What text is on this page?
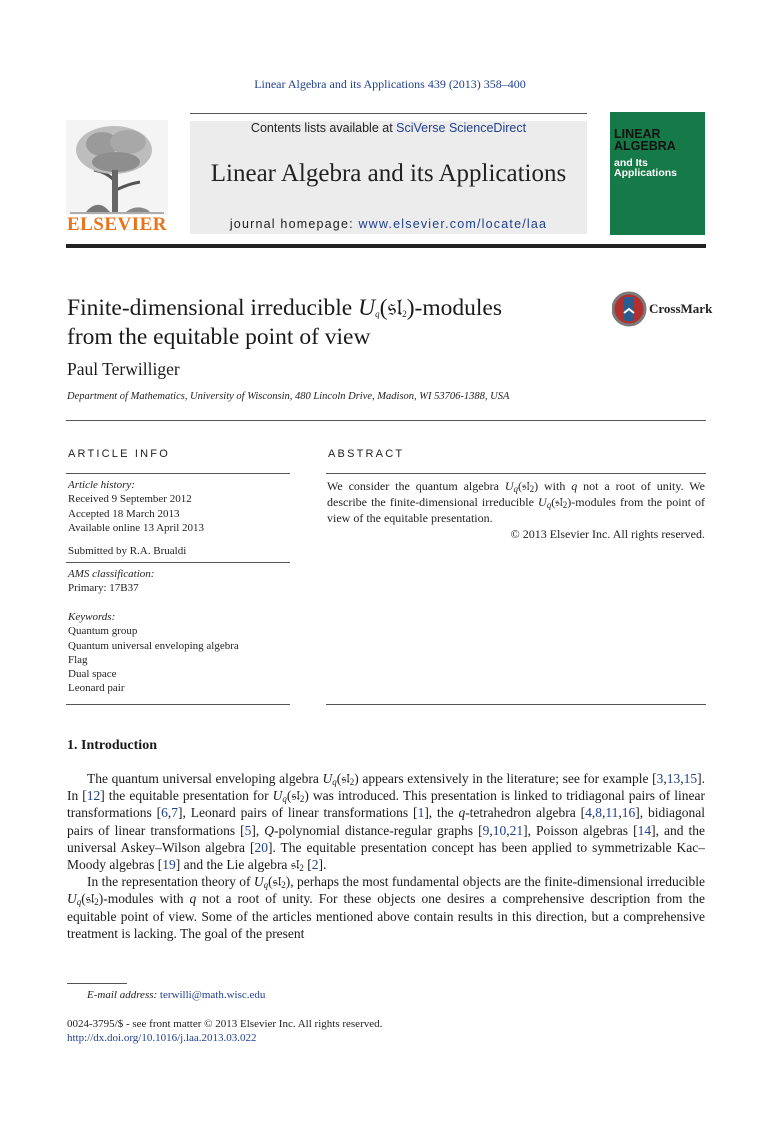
Linear Algebra and its Applications 439 (2013) 358–400
Contents lists available at SciVerse ScienceDirect
Linear Algebra and its Applications
journal homepage: www.elsevier.com/locate/laa
ELSEVIER
LINEAR ALGEBRA
and Its Applications
Finite-dimensional irreducible $U_q(𝔰𝔩_2)$-modules
from the equitable point of view
CrossMark
Paul Terwilliger
Department of Mathematics, University of Wisconsin, 480 Lincoln Drive, Madison, WI 53706-1388, USA
ARTICLE INFO	ABSTRACT
Article history:
Received 9 September 2012
Accepted 18 March 2013
Available online 13 April 2013
Submitted by R.A. Brualdi
AMS classification:
Primary: 17B37
Keywords:
Quantum group
Quantum universal enveloping algebra
Flag
Dual space
Leonard pair
We consider the quantum algebra $U_q(𝔰𝔩_2)$ with q not a root of unity. We describe the finite-dimensional irreducible $U_q(𝔰𝔩_2)$-modules from the point of view of the equitable presentation.
© 2013 Elsevier Inc. All rights reserved.
1. Introduction

The quantum universal enveloping algebra $U_q(𝔰𝔩_2)$ appears extensively in the literature; see for example [3,13,15]. In [12] the equitable presentation for $U_q(𝔰𝔩_2)$ was introduced. This presentation is linked to tridiagonal pairs of linear transformations [6,7], Leonard pairs of linear transformations [1], the q-tetrahedron algebra [4,8,11,16], bidiagonal pairs of linear transformations [5], Q-polynomial distance-regular graphs [9,10,21], Poisson algebras [14], and the universal Askey–Wilson algebra [20]. The equitable presentation concept has been applied to symmetrizable Kac–Moody algebras [19] and the Lie algebra 𝔰𝔩$_2$ [2].

In the representation theory of $U_q(𝔰𝔩_2)$, perhaps the most fundamental objects are the finite-dimensional irreducible $U_q(𝔰𝔩_2)$-modules with q not a root of unity. For these objects one desires a comprehensive description from the equitable point of view. Some of the articles mentioned above contain results in this direction, but a comprehensive treatment is lacking. The goal of the present

E-mail address: terwilli@math.wisc.edu
0024-3795/$ - see front matter © 2013 Elsevier Inc. All rights reserved.
http://dx.doi.org/10.1016/j.laa.2013.03.022
